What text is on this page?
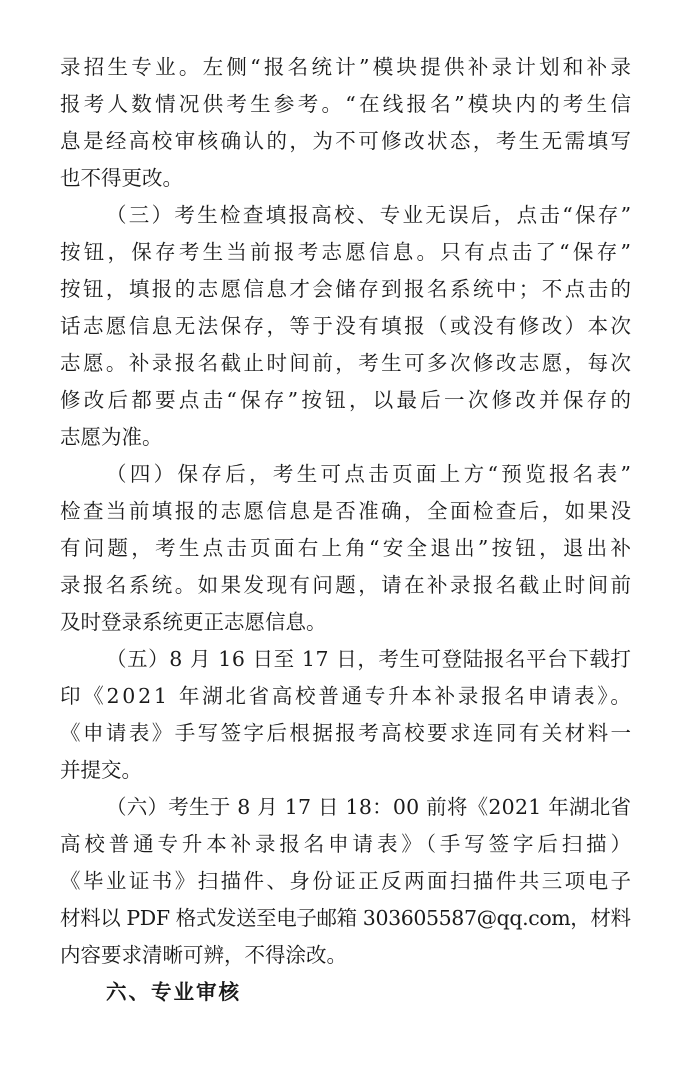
录招生专业。左侧“报名统计”模块提供补录计划和补录
报考人数情况供考生参考。“在线报名”模块内的考生信
息是经高校审核确认的，为不可修改状态，考生无需填写
也不得更改。
（三）考生检查填报高校、专业无误后，点击“保存”
按钮，保存考生当前报考志愿信息。只有点击了“保存”
按钮，填报的志愿信息才会储存到报名系统中；不点击的
话志愿信息无法保存，等于没有填报（或没有修改）本次
志愿。补录报名截止时间前，考生可多次修改志愿，每次
修改后都要点击“保存”按钮，以最后一次修改并保存的
志愿为准。
（四）保存后，考生可点击页面上方“预览报名表”
检查当前填报的志愿信息是否准确，全面检查后，如果没
有问题，考生点击页面右上角“安全退出”按钮，退出补
录报名系统。如果发现有问题，请在补录报名截止时间前
及时登录系统更正志愿信息。
（五）8 月 16 日至 17 日，考生可登陆报名平台下载打
印《2021 年湖北省高校普通专升本补录报名申请表》。
《申请表》手写签字后根据报考高校要求连同有关材料一
并提交。
（六）考生于 8 月 17 日 18：00 前将《2021 年湖北省
高校普通专升本补录报名申请表》（手写签字后扫描）
《毕业证书》扫描件、身份证正反两面扫描件共三项电子
材料以 PDF 格式发送至电子邮箱 303605587@qq.com，材料
内容要求清晰可辨，不得涂改。
六、专业审核
